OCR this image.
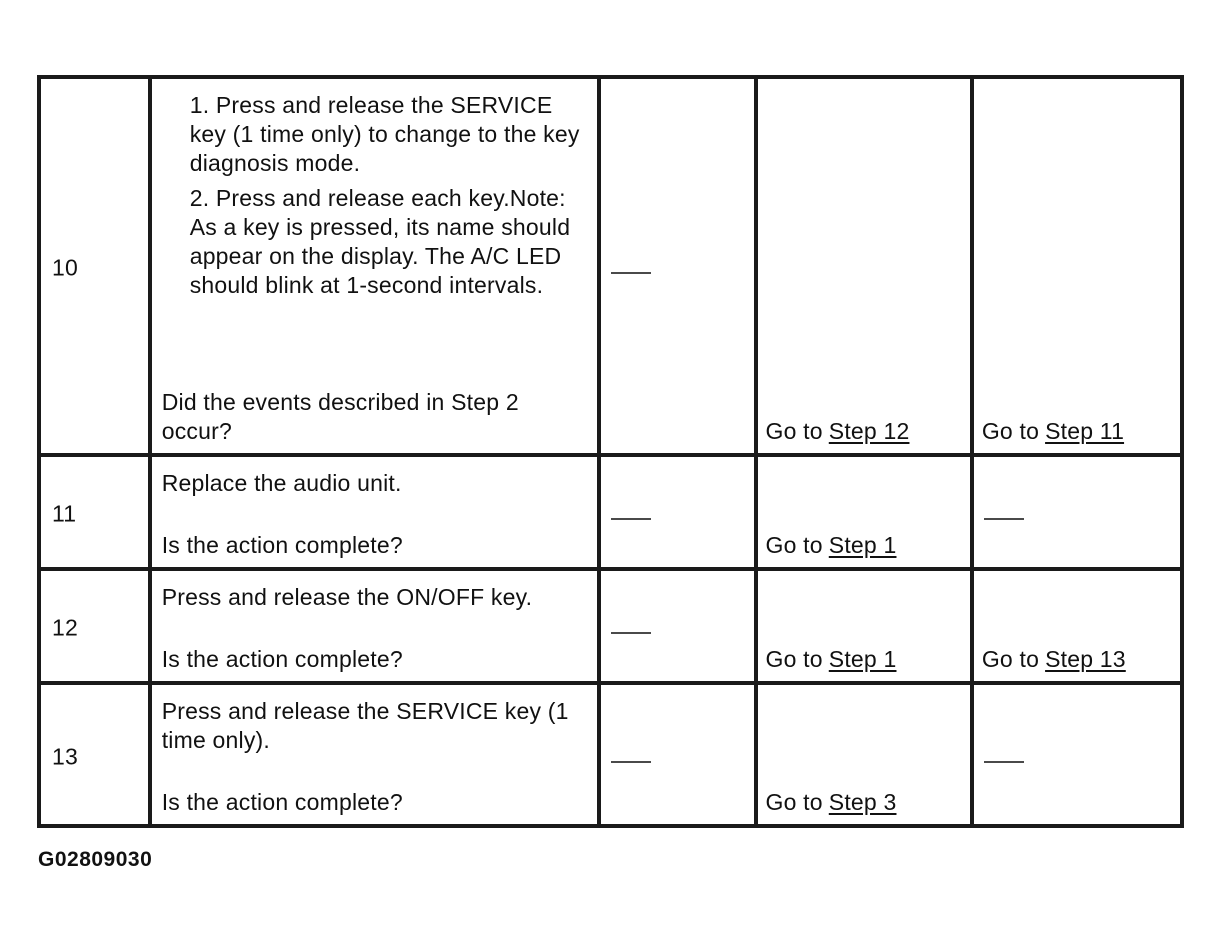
10	1. Press and release the SERVICE key (1 time only) to change to the key diagnosis mode.

2. Press and release each key.Note: As a key is pressed, its name should appear on the display. The A/C LED should blink at 1-second intervals.

Did the events described in Step 2 occur?		Go to Step 12	Go to Step 11

11	Replace the audio unit.
Is the action complete?		Go to Step 1	

12	Press and release the ON/OFF key.
Is the action complete?		Go to Step 1	Go to Step 13

13	Press and release the SERVICE key (1 time only).
Is the action complete?		Go to Step 3	

G02809030
